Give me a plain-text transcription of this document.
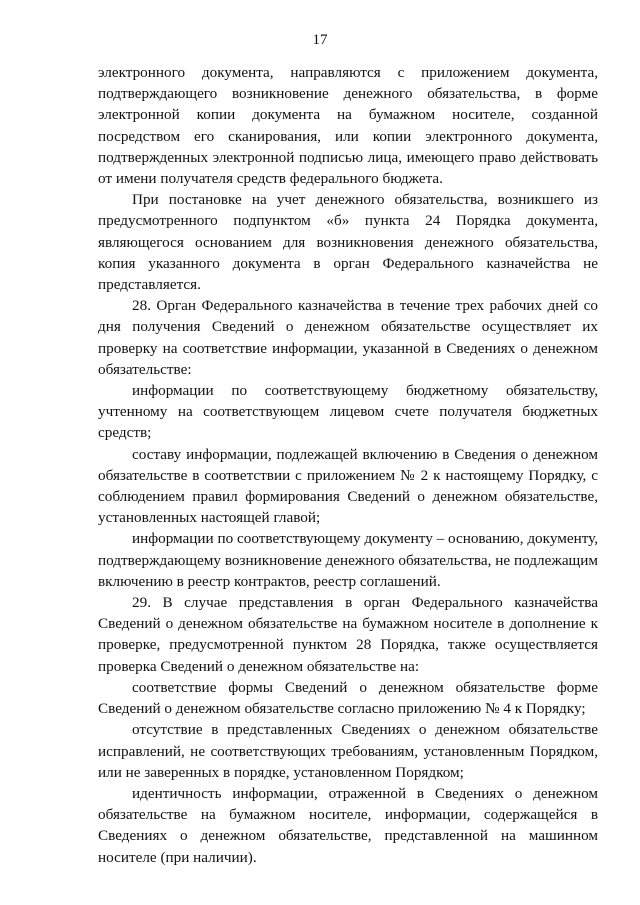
17

электронного документа, направляются с приложением документа, подтверждающего возникновение денежного обязательства, в форме электронной копии документа на бумажном носителе, созданной посредством его сканирования, или копии электронного документа, подтвержденных электронной подписью лица, имеющего право действовать от имени получателя средств федерального бюджета.

При постановке на учет денежного обязательства, возникшего из предусмотренного подпунктом «б» пункта 24 Порядка документа, являющегося основанием для возникновения денежного обязательства, копия указанного документа в орган Федерального казначейства не представляется.

28. Орган Федерального казначейства в течение трех рабочих дней со дня получения Сведений о денежном обязательстве осуществляет их проверку на соответствие информации, указанной в Сведениях о денежном обязательстве:

информации по соответствующему бюджетному обязательству, учтенному на соответствующем лицевом счете получателя бюджетных средств;

составу информации, подлежащей включению в Сведения о денежном обязательстве в соответствии с приложением № 2 к настоящему Порядку, с соблюдением правил формирования Сведений о денежном обязательстве, установленных настоящей главой;

информации по соответствующему документу – основанию, документу, подтверждающему возникновение денежного обязательства, не подлежащим включению в реестр контрактов, реестр соглашений.

29. В случае представления в орган Федерального казначейства Сведений о денежном обязательстве на бумажном носителе в дополнение к проверке, предусмотренной пунктом 28 Порядка, также осуществляется проверка Сведений о денежном обязательстве на:

соответствие формы Сведений о денежном обязательстве форме Сведений о денежном обязательстве согласно приложению № 4 к Порядку;

отсутствие в представленных Сведениях о денежном обязательстве исправлений, не соответствующих требованиям, установленным Порядком, или не заверенных в порядке, установленном Порядком;

идентичность информации, отраженной в Сведениях о денежном обязательстве на бумажном носителе, информации, содержащейся в Сведениях о денежном обязательстве, представленной на машинном носителе (при наличии).
